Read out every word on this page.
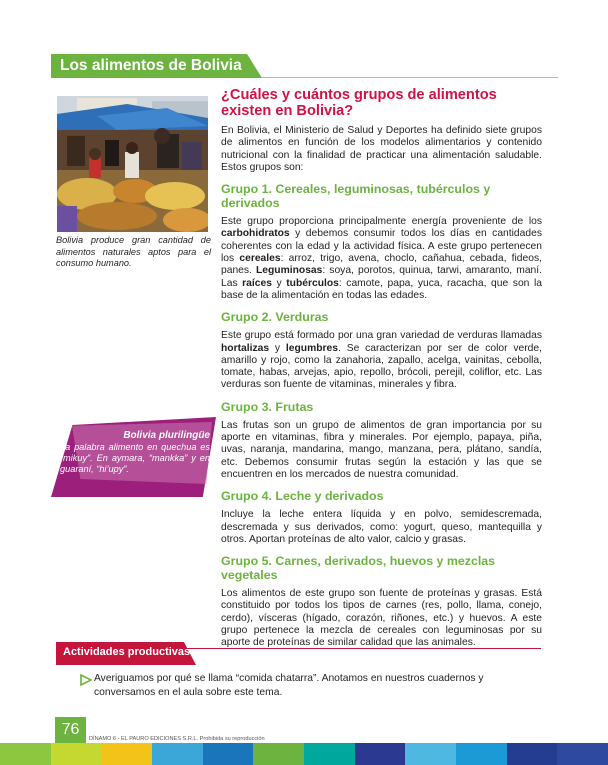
Los alimentos de Bolivia
Bolivia produce gran cantidad de alimentos naturales aptos para el consumo humano.
¿Cuáles y cuántos grupos de alimentos existen en Bolivia?

En Bolivia, el Ministerio de Salud y Deportes ha definido siete grupos de alimentos en función de los modelos alimentarios y contenido nutricional con la finalidad de practicar una alimentación saludable. Estos grupos son:

Grupo 1. Cereales, leguminosas, tubérculos y derivados

Este grupo proporciona principalmente energía proveniente de los carbohidratos y debemos consumir todos los días en cantidades coherentes con la edad y la actividad física. A este grupo pertenecen los cereales: arroz, trigo, avena, choclo, cañahua, cebada, fideos, panes. Leguminosas: soya, porotos, quinua, tarwi, amaranto, maní. Las raíces y tubérculos: camote, papa, yuca, racacha, que son la base de la alimentación en todas las edades.

Grupo 2. Verduras

Este grupo está formado por una gran variedad de verduras llamadas hortalizas y legumbres. Se caracterizan por ser de color verde, amarillo y rojo, como la zanahoria, zapallo, acelga, vainitas, cebolla, tomate, habas, arvejas, apio, repollo, brócoli, perejil, coliflor, etc. Las verduras son fuente de vitaminas, minerales y fibra.

Grupo 3. Frutas

Las frutas son un grupo de alimentos de gran importancia por su aporte en vitaminas, fibra y minerales. Por ejemplo, papaya, piña, uvas, naranja, mandarina, mango, manzana, pera, plátano, sandía, etc. Debemos consumir frutas según la estación y las que se encuentren en los mercados de nuestra comunidad.

Grupo 4. Leche y derivados

Incluye la leche entera líquida y en polvo, semidescremada, descremada y sus derivados, como: yogurt, queso, mantequilla y otros. Aportan proteínas de alto valor, calcio y grasas.

Grupo 5. Carnes, derivados, huevos y mezclas vegetales

Los alimentos de este grupo son fuente de proteínas y grasas. Está constituido por todos los tipos de carnes (res, pollo, llama, conejo, cerdo), vísceras (hígado, corazón, riñones, etc.) y huevos. A este grupo pertenece la mezcla de cereales con leguminosas por su aporte de proteínas de similar calidad que las animales.

Bolivia plurilingüe
La palabra alimento en quechua es “mikuy”. En aymara, “mankka” y en guaraní, “hi’upy”.
Actividades productivas
Averiguamos por qué se llama “comida chatarra”. Anotamos en nuestros cuadernos y conversamos en el aula sobre este tema.
76
DÍNAMO 6 - EL PAURO EDICIONES S.R.L. Prohibida su reproducción
